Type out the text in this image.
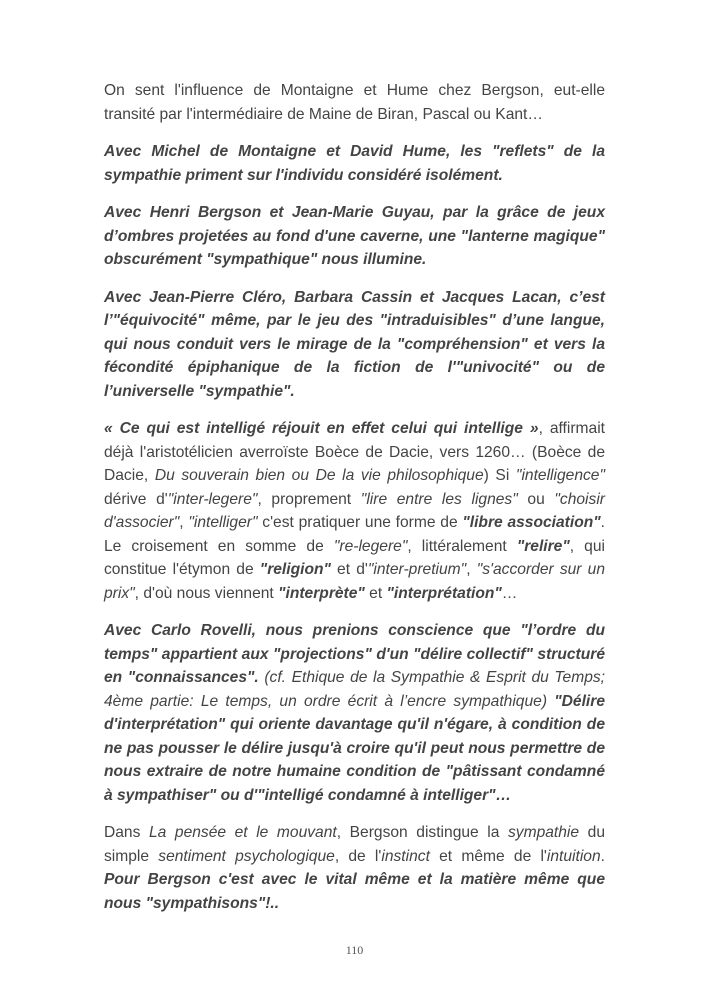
On sent l'influence de Montaigne et Hume chez Bergson, eut-elle transité par l'intermédiaire de Maine de Biran, Pascal ou Kant…

Avec Michel de Montaigne et David Hume, les "reflets" de la sympathie priment sur l'individu considéré isolément.

Avec Henri Bergson et Jean-Marie Guyau, par la grâce de jeux d’ombres projetées au fond d'une caverne, une "lanterne magique" obscurément "sympathique" nous illumine.

Avec Jean-Pierre Cléro, Barbara Cassin et Jacques Lacan, c’est l’"équivocité" même, par le jeu des "intraduisibles" d’une langue, qui nous conduit vers le mirage de la "compréhension" et vers la fécondité épiphanique de la fiction de l'"univocité" ou de l’universelle "sympathie".

« Ce qui est intelligé réjouit en effet celui qui intellige », affirmait déjà l'aristotélicien averroïste Boèce de Dacie, vers 1260… (Boèce de Dacie, Du souverain bien ou De la vie philosophique) Si "intelligence" dérive d'"inter-legere", proprement "lire entre les lignes" ou "choisir d'associer", "intelliger" c'est pratiquer une forme de "libre association". Le croisement en somme de "re-legere", littéralement "relire", qui constitue l'étymon de "religion" et d'"inter-pretium", "s'accorder sur un prix", d'où nous viennent "interprète" et "interprétation"…

Avec Carlo Rovelli, nous prenions conscience que "l’ordre du temps" appartient aux "projections" d'un "délire collectif" structuré en "connaissances". (cf. Ethique de la Sympathie & Esprit du Temps; 4ème partie: Le temps, un ordre écrit à l’encre sympathique) "Délire d'interprétation" qui oriente davantage qu'il n'égare, à condition de ne pas pousser le délire jusqu'à croire qu'il peut nous permettre de nous extraire de notre humaine condition de "pâtissant condamné à sympathiser" ou d'"intelligé condamné à intelliger"…

Dans La pensée et le mouvant, Bergson distingue la sympathie du simple sentiment psychologique, de l'instinct et même de l'intuition. Pour Bergson c'est avec le vital même et la matière même que nous "sympathisons"!..

110
